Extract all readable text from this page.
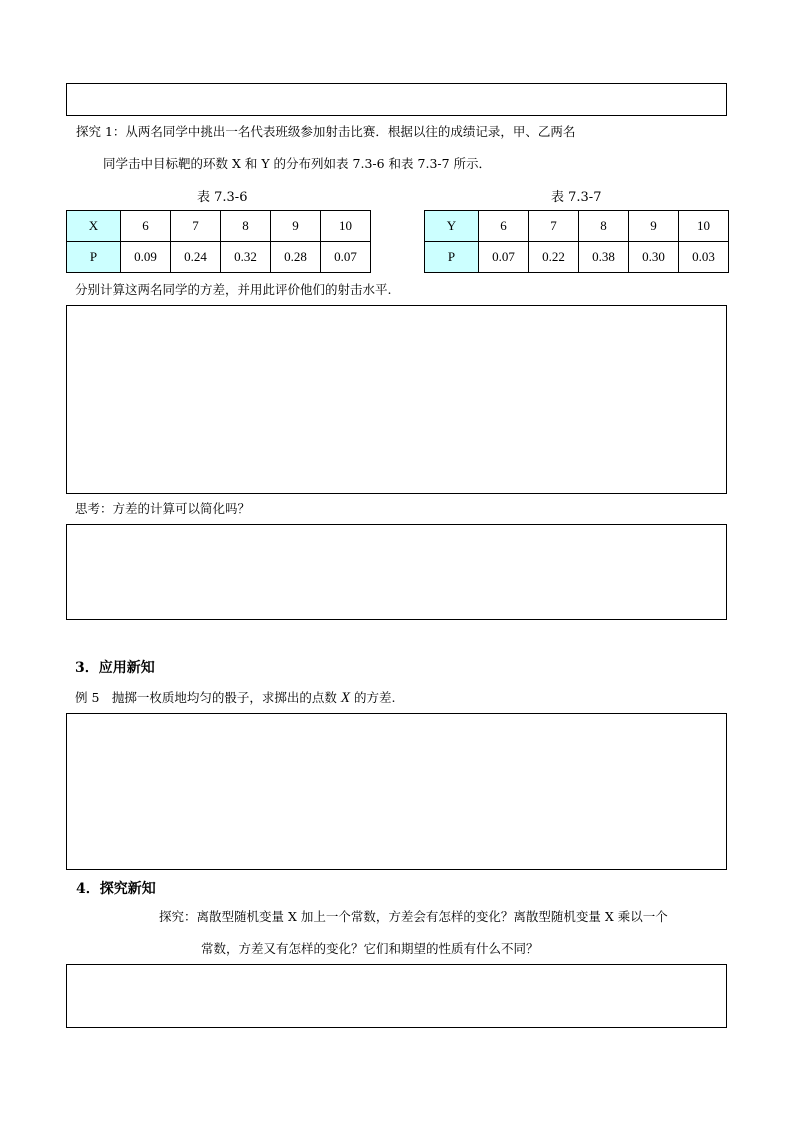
探究 1：从两名同学中挑出一名代表班级参加射击比赛．根据以往的成绩记录，甲、乙两名
同学击中目标靶的环数 X 和 Y 的分布列如表 7.3-6 和表 7.3-7 所示．
表 7.3-6
X	6	7	8	9	10
P	0.09	0.24	0.32	0.28	0.07
表 7.3-7
Y	6	7	8	9	10
P	0.07	0.22	0.38	0.30	0.03
分别计算这两名同学的方差，并用此评价他们的射击水平.
思考：方差的计算可以简化吗？
3．应用新知
例 5　抛掷一枚质地均匀的骰子，求掷出的点数 X 的方差.
4．探究新知
探究：离散型随机变量 X 加上一个常数，方差会有怎样的变化？离散型随机变量 X 乘以一个
常数，方差又有怎样的变化？它们和期望的性质有什么不同？
